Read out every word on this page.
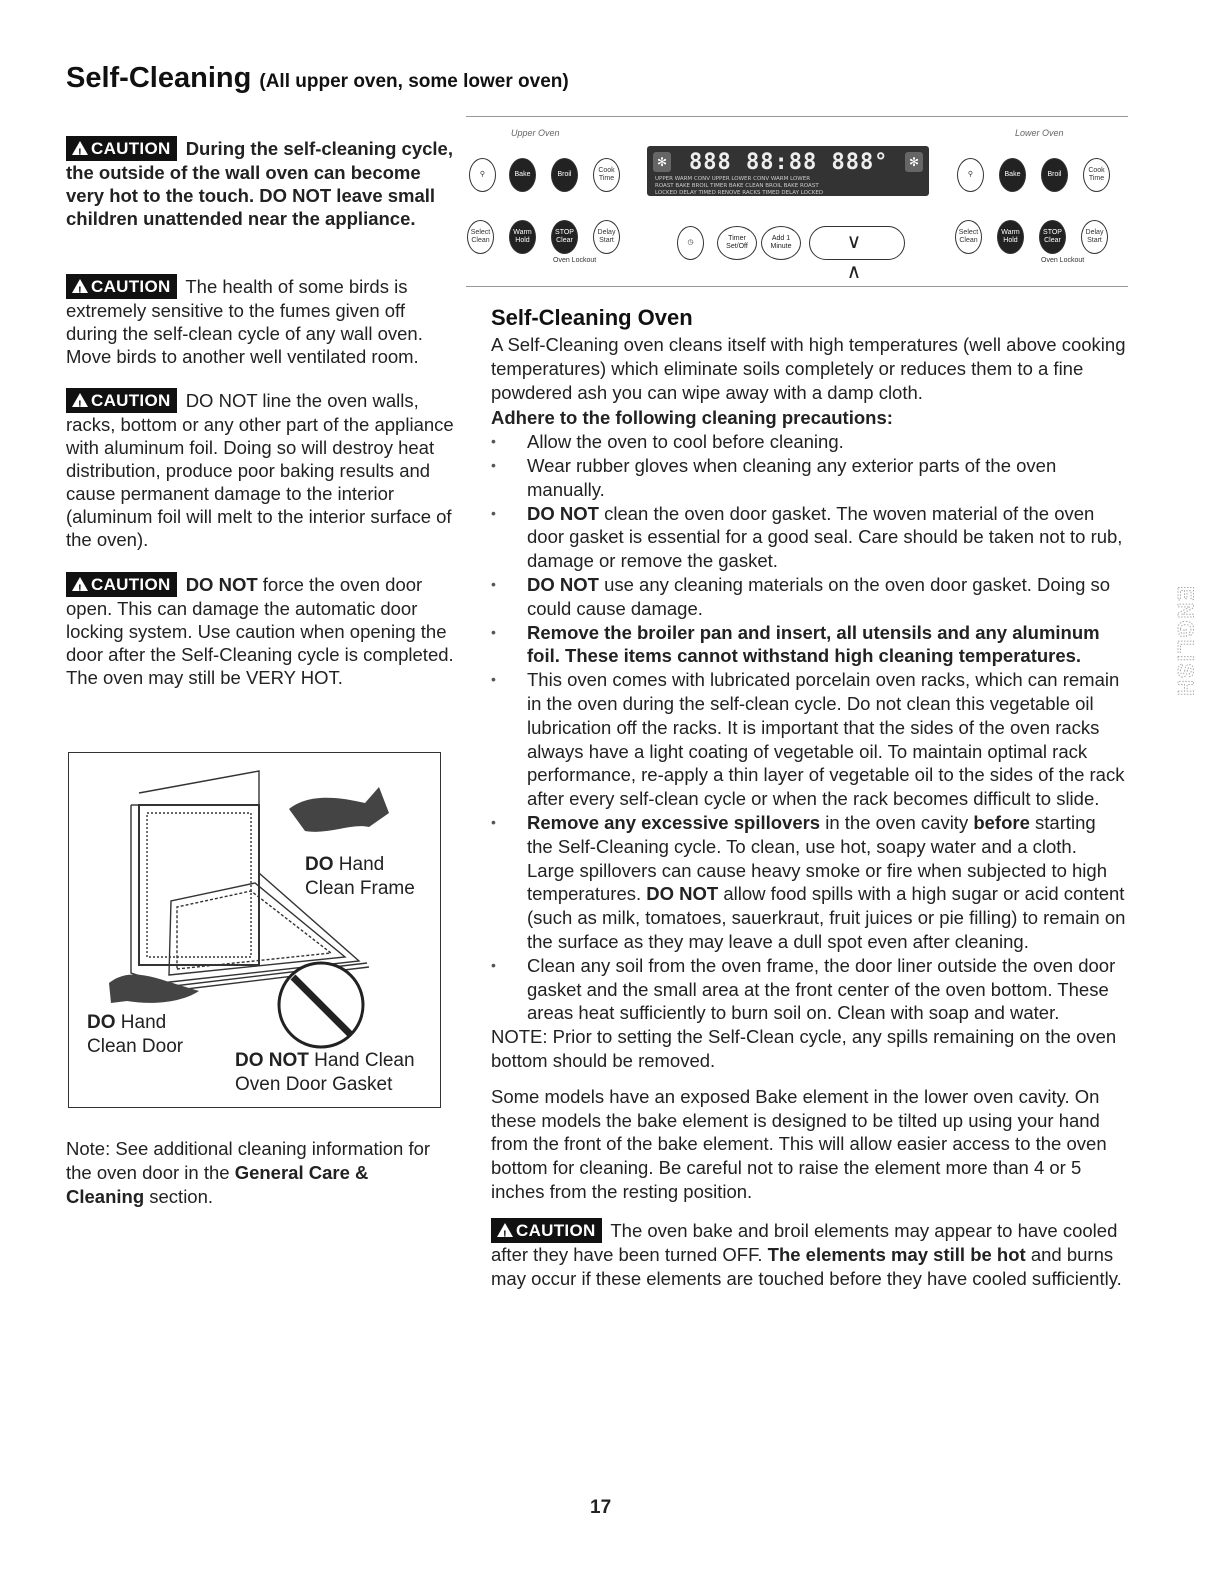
Self-Cleaning (All upper oven, some lower oven)
!CAUTION During the self-cleaning cycle, the outside of the wall oven can become very hot to the touch. DO NOT leave small children unattended near the appliance.
!CAUTION The health of some birds is extremely sensitive to the fumes given off during the self-clean cycle of any wall oven. Move birds to another well ventilated room.
!CAUTION DO NOT line the oven walls, racks, bottom or any other part of the appliance with aluminum foil. Doing so will destroy heat distribution, produce poor baking results and cause permanent damage to the interior (aluminum foil will melt to the interior surface of the oven).
!CAUTION DO NOT force the oven door open. This can damage the automatic door locking system. Use caution when opening the door after the Self-Cleaning cycle is completed. The oven may still be VERY HOT.
DO Hand
Clean Frame
DO Hand
Clean Door
DO NOT Hand Clean
Oven Door Gasket
Note: See additional cleaning information for the oven door in the General Care & Cleaning section.
Upper Oven	Lower Oven
⚲	Bake	Broil
Cook Time
Select Clean
Warm Hold
STOP Clear
Delay Start
Oven Lockout
✻	✻
888 88:88 888°
UPPER WARM CONV UPPER LOWER CONV WARM LOWER
ROAST BAKE BROIL TIMER BAKE CLEAN BROIL BAKE ROAST
LOCKED DELAY TIMED RENOVE RACKS TIMED DELAY LOCKED
◷
Timer Set/Off
Add 1 Minute	∨ ∧
⚲	Bake	Broil
Cook Time
Select Clean
Warm Hold
STOP Clear
Delay Start
Oven Lockout
Self-Cleaning Oven

A Self-Cleaning oven cleans itself with high temperatures (well above cooking temperatures) which eliminate soils completely or reduces them to a fine powdered ash you can wipe away with a damp cloth.

Adhere to the following cleaning precautions:

• Allow the oven to cool before cleaning.
• Wear rubber gloves when cleaning any exterior parts of the oven manually.
• DO NOT clean the oven door gasket. The woven material of the oven door gasket is essential for a good seal. Care should be taken not to rub, damage or remove the gasket.
• DO NOT use any cleaning materials on the oven door gasket. Doing so could cause damage.
• Remove the broiler pan and insert, all utensils and any aluminum foil. These items cannot withstand high cleaning temperatures.
• This oven comes with lubricated porcelain oven racks, which can remain in the oven during the self-clean cycle. Do not clean this vegetable oil lubrication off the racks. It is important that the sides of the oven racks always have a light coating of vegetable oil. To maintain optimal rack performance, re-apply a thin layer of vegetable oil to the sides of the rack after every self-clean cycle or when the rack becomes difficult to slide.
• Remove any excessive spillovers in the oven cavity before starting the Self-Cleaning cycle. To clean, use hot, soapy water and a cloth. Large spillovers can cause heavy smoke or fire when subjected to high temperatures. DO NOT allow food spills with a high sugar or acid content (such as milk, tomatoes, sauerkraut, fruit juices or pie filling) to remain on the surface as they may leave a dull spot even after cleaning.
• Clean any soil from the oven frame, the door liner outside the oven door gasket and the small area at the front center of the oven bottom. These areas heat sufficiently to burn soil on. Clean with soap and water.

NOTE: Prior to setting the Self-Clean cycle, any spills remaining on the oven bottom should be removed.

Some models have an exposed Bake element in the lower oven cavity. On these models the bake element is designed to be tilted up using your hand from the front of the bake element. This will allow easier access to the oven bottom for cleaning. Be careful not to raise the element more than 4 or 5 inches from the resting position.

!CAUTION The oven bake and broil elements may appear to have cooled after they have been turned OFF. The elements may still be hot and burns may occur if these elements are touched before they have cooled sufficiently.

ENGLISH
17
